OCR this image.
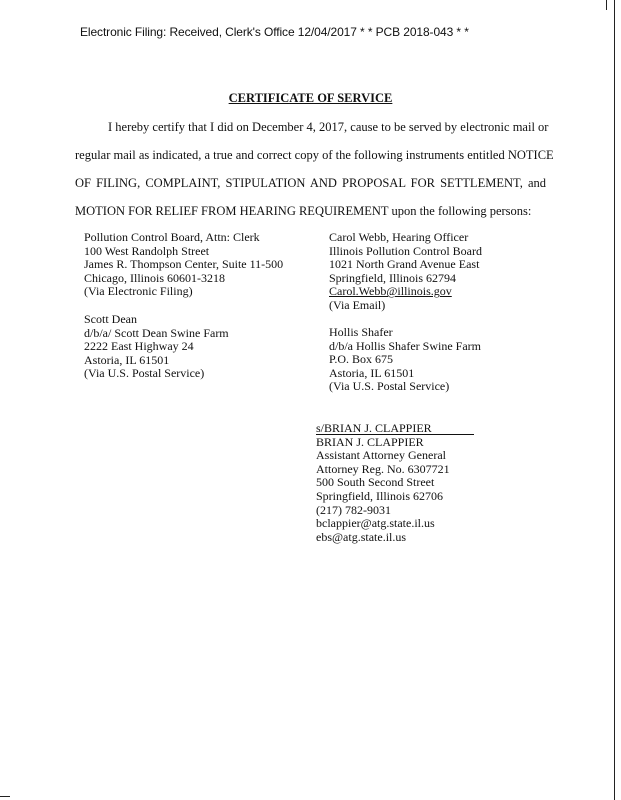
Electronic Filing: Received, Clerk's Office 12/04/2017 * * PCB 2018-043 * *
CERTIFICATE OF SERVICE
I hereby certify that I did on December 4, 2017, cause to be served by electronic mail or
regular mail as indicated, a true and correct copy of the following instruments entitled NOTICE
OF FILING, COMPLAINT, STIPULATION AND PROPOSAL FOR SETTLEMENT, and
MOTION FOR RELIEF FROM HEARING REQUIREMENT upon the following persons:
Pollution Control Board, Attn: Clerk
100 West Randolph Street
James R. Thompson Center, Suite 11-500
Chicago, Illinois 60601-3218
(Via Electronic Filing)
Carol Webb, Hearing Officer
Illinois Pollution Control Board
1021 North Grand Avenue East
Springfield, Illinois 62794
Carol.Webb@illinois.gov
(Via Email)
Scott Dean
d/b/a/ Scott Dean Swine Farm
2222 East Highway 24
Astoria, IL 61501
(Via U.S. Postal Service)
Hollis Shafer
d/b/a Hollis Shafer Swine Farm
P.O. Box 675
Astoria, IL 61501
(Via U.S. Postal Service)
s/BRIAN J. CLAPPIER
BRIAN J. CLAPPIER
Assistant Attorney General
Attorney Reg. No. 6307721
500 South Second Street
Springfield, Illinois 62706
(217) 782-9031
bclappier@atg.state.il.us
ebs@atg.state.il.us
